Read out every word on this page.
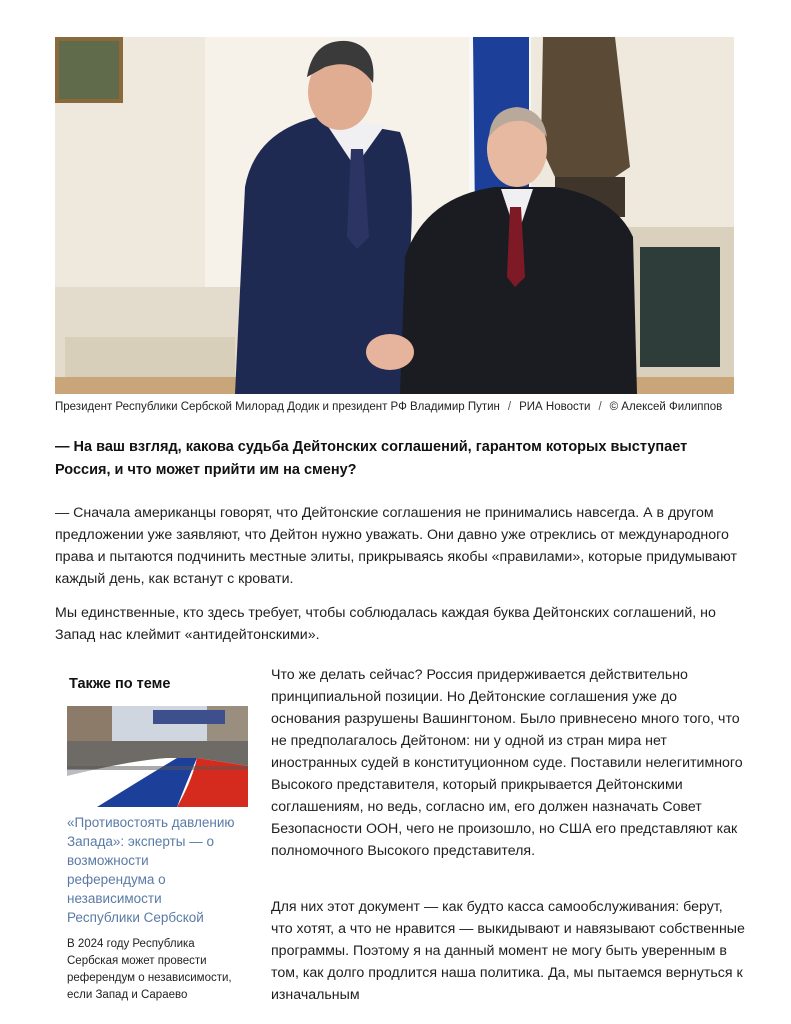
Президент Республики Сербской Милорад Додик и президент РФ Владимир Путин / РИА Новости / © Алексей Филиппов

— На ваш взгляд, какова судьба Дейтонских соглашений, гарантом которых выступает Россия, и что может прийти им на смену?

— Сначала американцы говорят, что Дейтонские соглашения не принимались навсегда. А в другом предложении уже заявляют, что Дейтон нужно уважать. Они давно уже отреклись от международного права и пытаются подчинить местные элиты, прикрываясь якобы «правилами», которые придумывают каждый день, как встанут с кровати.

Мы единственные, кто здесь требует, чтобы соблюдалась каждая буква Дейтонских соглашений, но Запад нас клеймит «антидейтонскими».

Также по теме
«Противостоять давлению Запада»: эксперты — о возможности референдума о независимости Республики Сербской
В 2024 году Республика Сербская может провести референдум о независимости, если Запад и Сараево

Что же делать сейчас? Россия придерживается действительно принципиальной позиции. Но Дейтонские соглашения уже до основания разрушены Вашингтоном. Было привнесено много того, что не предполагалось Дейтоном: ни у одной из стран мира нет иностранных судей в конституционном суде. Поставили нелегитимного Высокого представителя, который прикрывается Дейтонскими соглашениям, но ведь, согласно им, его должен назначать Совет Безопасности ООН, чего не произошло, но США его представляют как полномочного Высокого представителя.

Для них этот документ — как будто касса самообслуживания: берут, что хотят, а что не нравится — выкидывают и навязывают собственные программы. Поэтому я на данный момент не могу быть уверенным в том, как долго продлится наша политика. Да, мы пытаемся вернуться к изначальным
